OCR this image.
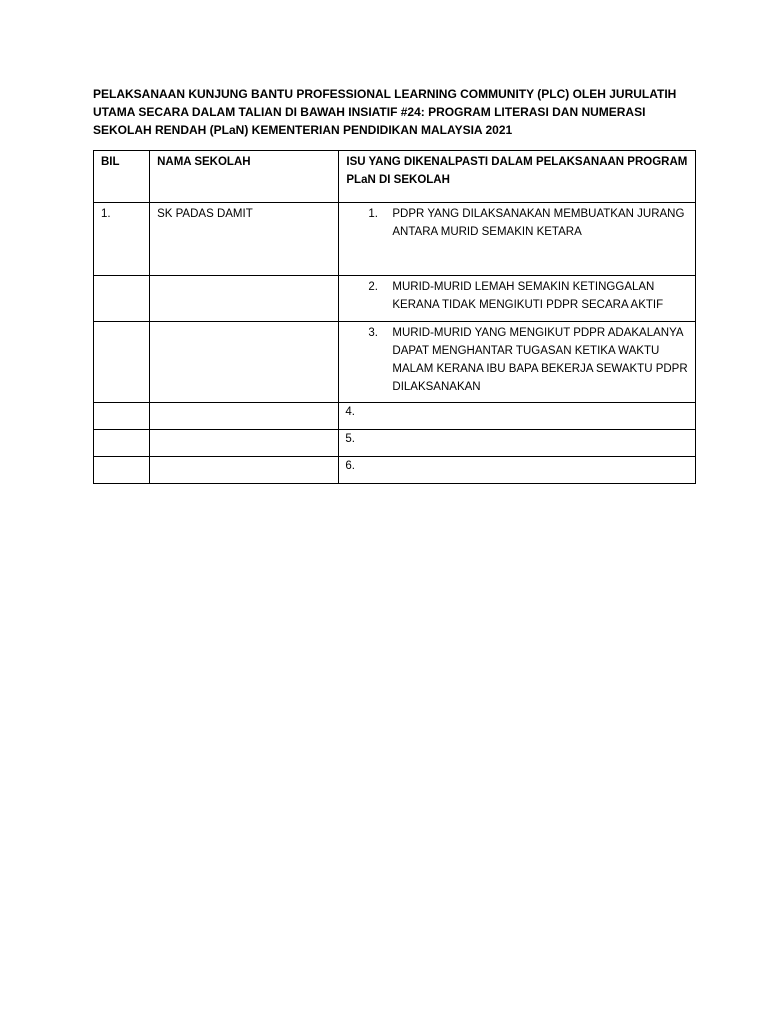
PELAKSANAAN KUNJUNG BANTU PROFESSIONAL LEARNING COMMUNITY (PLC) OLEH JURULATIH UTAMA SECARA DALAM TALIAN DI BAWAH INSIATIF #24: PROGRAM LITERASI DAN NUMERASI SEKOLAH RENDAH (PLaN) KEMENTERIAN PENDIDIKAN MALAYSIA 2021
BIL	NAMA SEKOLAH	ISU YANG DIKENALPASTI DALAM PELAKSANAAN PROGRAM PLaN DI SEKOLAH

1.	SK PADAS DAMIT	1. PDPR YANG DILAKSANAKAN MEMBUATKAN JURANG ANTARA MURID SEMAKIN KETARA

		2. MURID-MURID LEMAH SEMAKIN KETINGGALAN KERANA TIDAK MENGIKUTI PDPR SECARA AKTIF

		3. MURID-MURID YANG MENGIKUT PDPR ADAKALANYA DAPAT MENGHANTAR TUGASAN KETIKA WAKTU MALAM KERANA IBU BAPA BEKERJA SEWAKTU PDPR DILAKSANAKAN

		4.

		5.

		6.
